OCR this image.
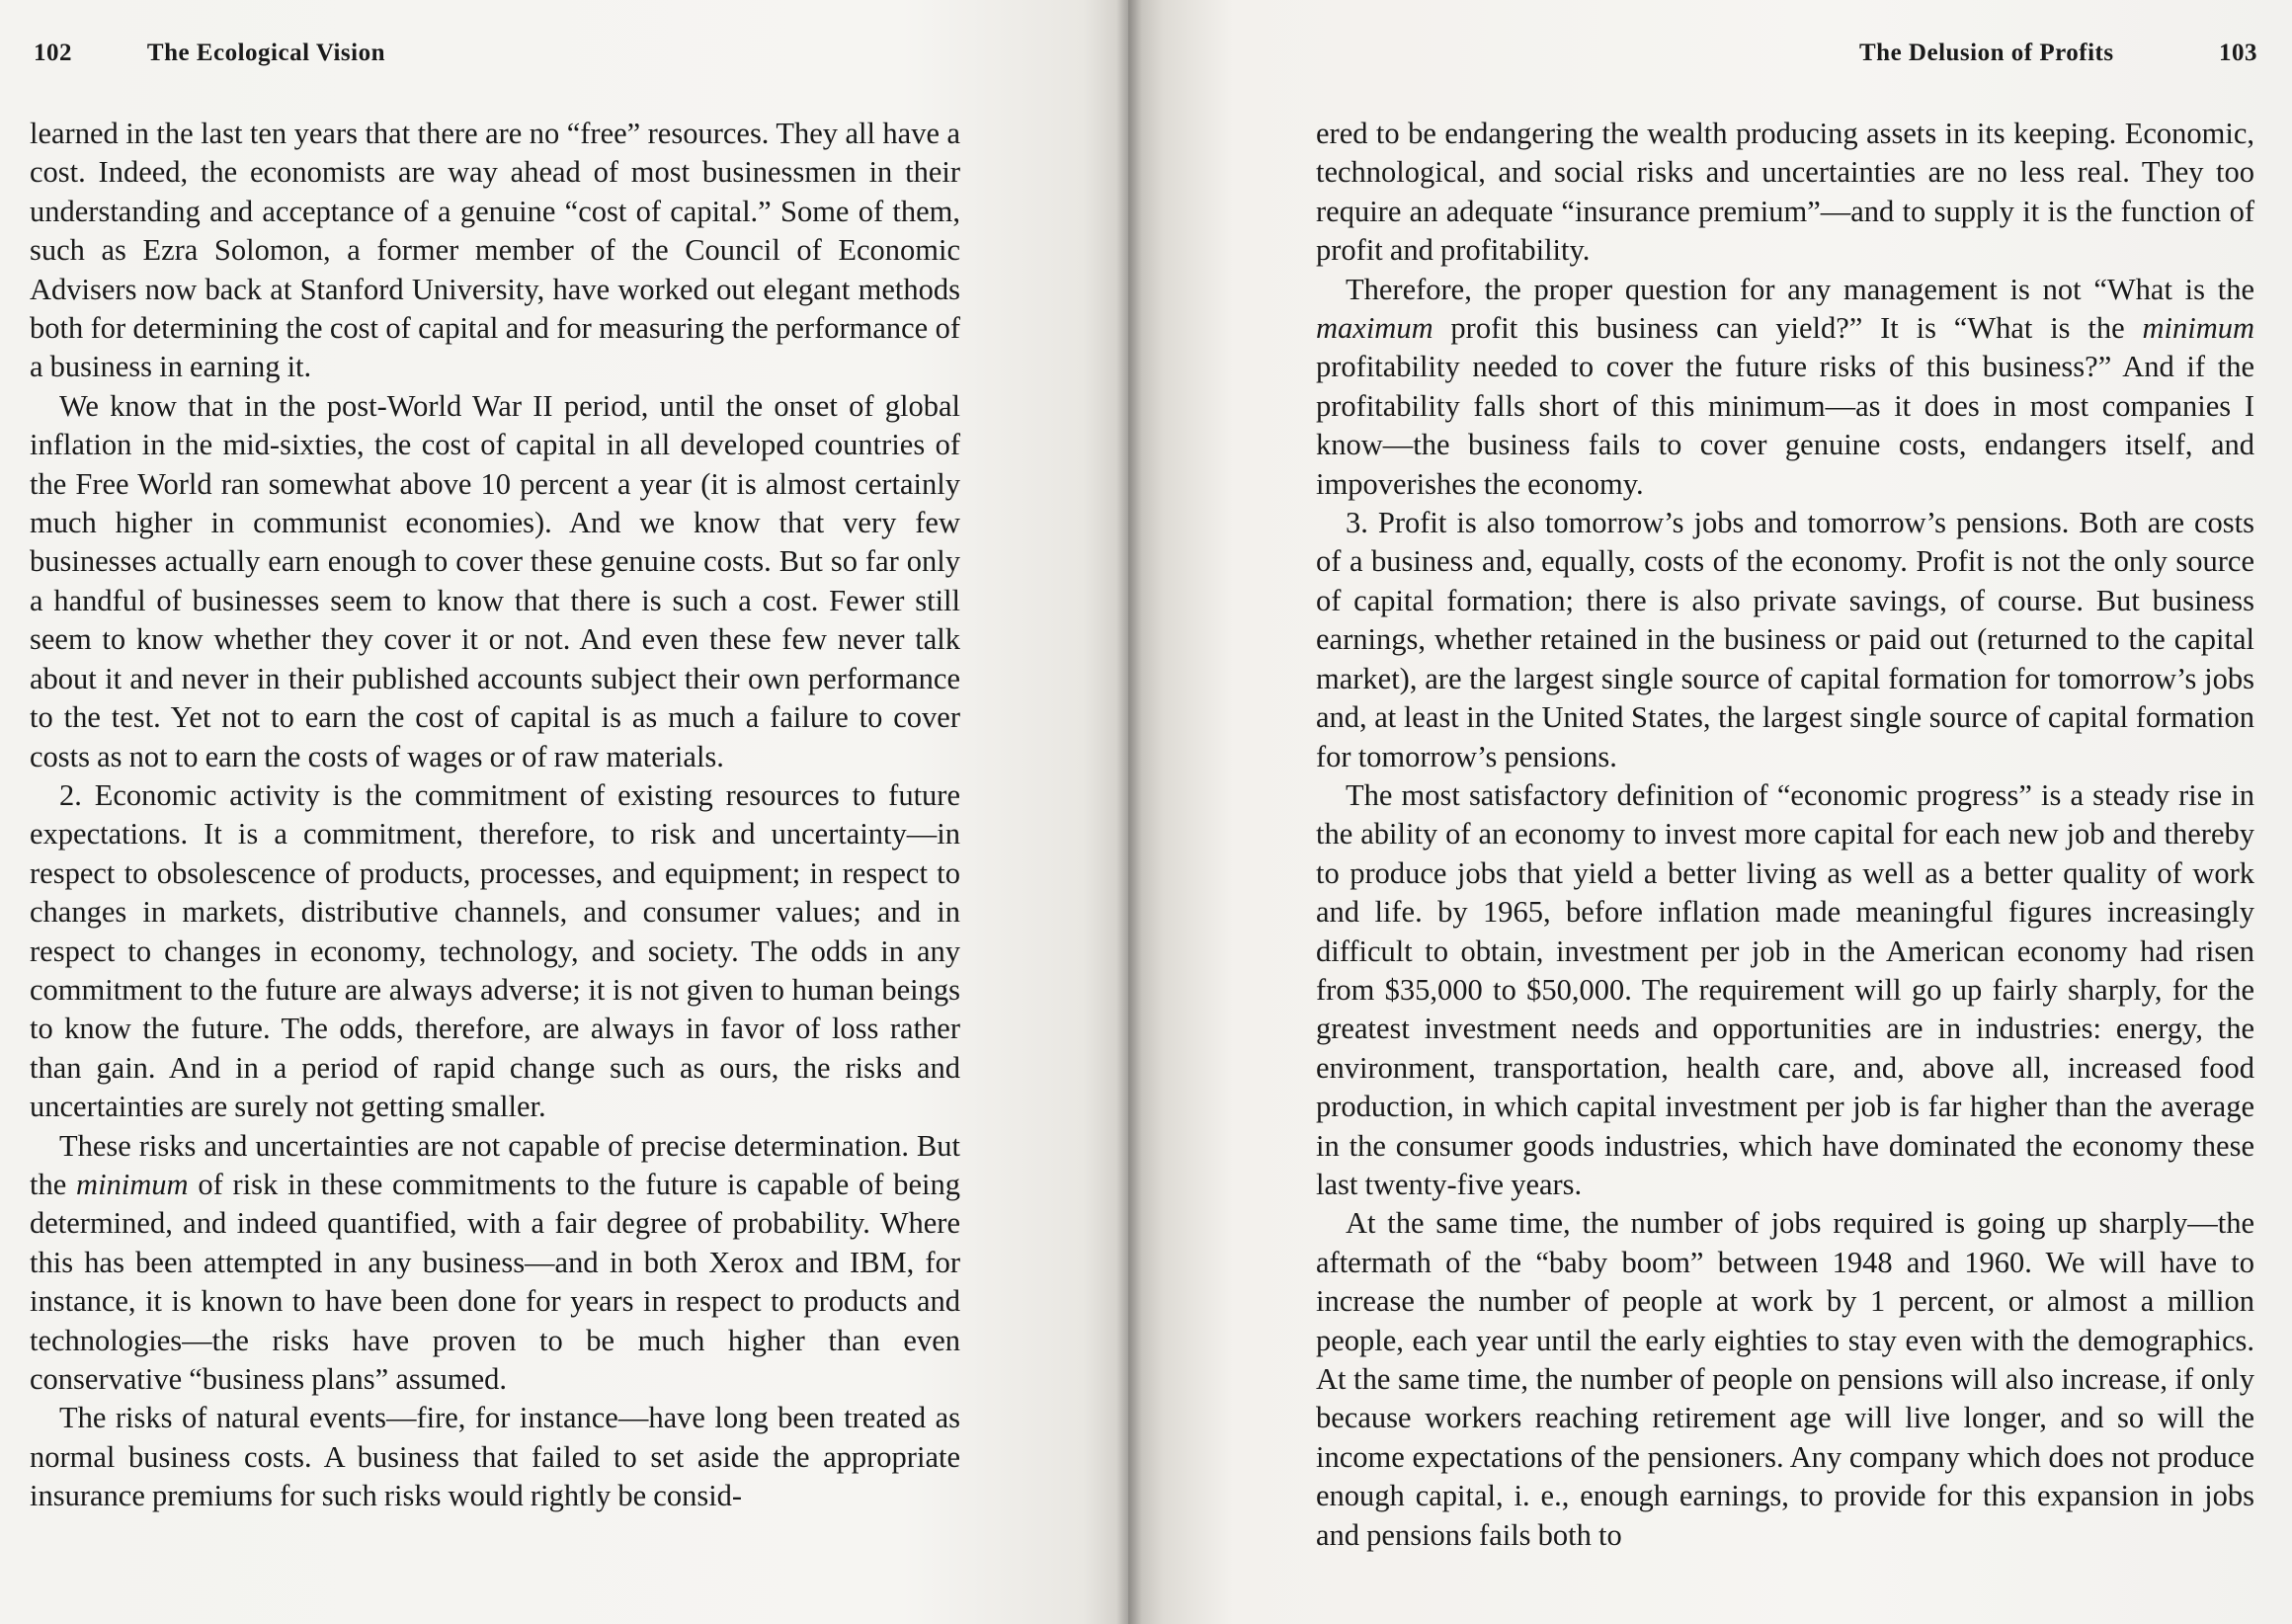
102	The Ecological Vision

learned in the last ten years that there are no “free” resources. They all have a cost. Indeed, the economists are way ahead of most businessmen in their understanding and acceptance of a genuine “cost of capital.” Some of them, such as Ezra Solomon, a former member of the Council of Economic Advisers now back at Stanford University, have worked out elegant methods both for determining the cost of capital and for measuring the performance of a business in earning it.

We know that in the post-World War II period, until the onset of global inflation in the mid-sixties, the cost of capital in all developed countries of the Free World ran somewhat above 10 percent a year (it is almost certainly much higher in communist economies). And we know that very few businesses actually earn enough to cover these genuine costs. But so far only a handful of businesses seem to know that there is such a cost. Fewer still seem to know whether they cover it or not. And even these few never talk about it and never in their published accounts subject their own performance to the test. Yet not to earn the cost of capital is as much a failure to cover costs as not to earn the costs of wages or of raw materials.

2. Economic activity is the commitment of existing resources to future expectations. It is a commitment, therefore, to risk and uncertainty—in respect to obsolescence of products, processes, and equipment; in respect to changes in markets, distributive channels, and consumer values; and in respect to changes in economy, technology, and society. The odds in any commitment to the future are always adverse; it is not given to human beings to know the future. The odds, therefore, are always in favor of loss rather than gain. And in a period of rapid change such as ours, the risks and uncertainties are surely not getting smaller.

These risks and uncertainties are not capable of precise determination. But the minimum of risk in these commitments to the future is capable of being determined, and indeed quantified, with a fair degree of probability. Where this has been attempted in any business—and in both Xerox and IBM, for instance, it is known to have been done for years in respect to products and technologies—the risks have proven to be much higher than even conservative “business plans” assumed.

The risks of natural events—fire, for instance—have long been treated as normal business costs. A business that failed to set aside the appropriate insurance premiums for such risks would rightly be consid-

The Delusion of Profits	103

ered to be endangering the wealth producing assets in its keeping. Economic, technological, and social risks and uncertainties are no less real. They too require an adequate “insurance premium”—and to supply it is the function of profit and profitability.

Therefore, the proper question for any management is not “What is the maximum profit this business can yield?” It is “What is the minimum profitability needed to cover the future risks of this business?” And if the profitability falls short of this minimum—as it does in most companies I know—the business fails to cover genuine costs, endangers itself, and impoverishes the economy.

3. Profit is also tomorrow’s jobs and tomorrow’s pensions. Both are costs of a business and, equally, costs of the economy. Profit is not the only source of capital formation; there is also private savings, of course. But business earnings, whether retained in the business or paid out (returned to the capital market), are the largest single source of capital formation for tomorrow’s jobs and, at least in the United States, the largest single source of capital formation for tomorrow’s pensions.

The most satisfactory definition of “economic progress” is a steady rise in the ability of an economy to invest more capital for each new job and thereby to produce jobs that yield a better living as well as a better quality of work and life. by 1965, before inflation made meaningful figures increasingly difficult to obtain, investment per job in the American economy had risen from $35,000 to $50,000. The requirement will go up fairly sharply, for the greatest investment needs and opportunities are in industries: energy, the environment, transportation, health care, and, above all, increased food production, in which capital investment per job is far higher than the average in the consumer goods industries, which have dominated the economy these last twenty-five years.

At the same time, the number of jobs required is going up sharply—the aftermath of the “baby boom” between 1948 and 1960. We will have to increase the number of people at work by 1 percent, or almost a million people, each year until the early eighties to stay even with the demographics. At the same time, the number of people on pensions will also increase, if only because workers reaching retirement age will live longer, and so will the income expectations of the pensioners. Any company which does not produce enough capital, i. e., enough earnings, to provide for this expansion in jobs and pensions fails both to
